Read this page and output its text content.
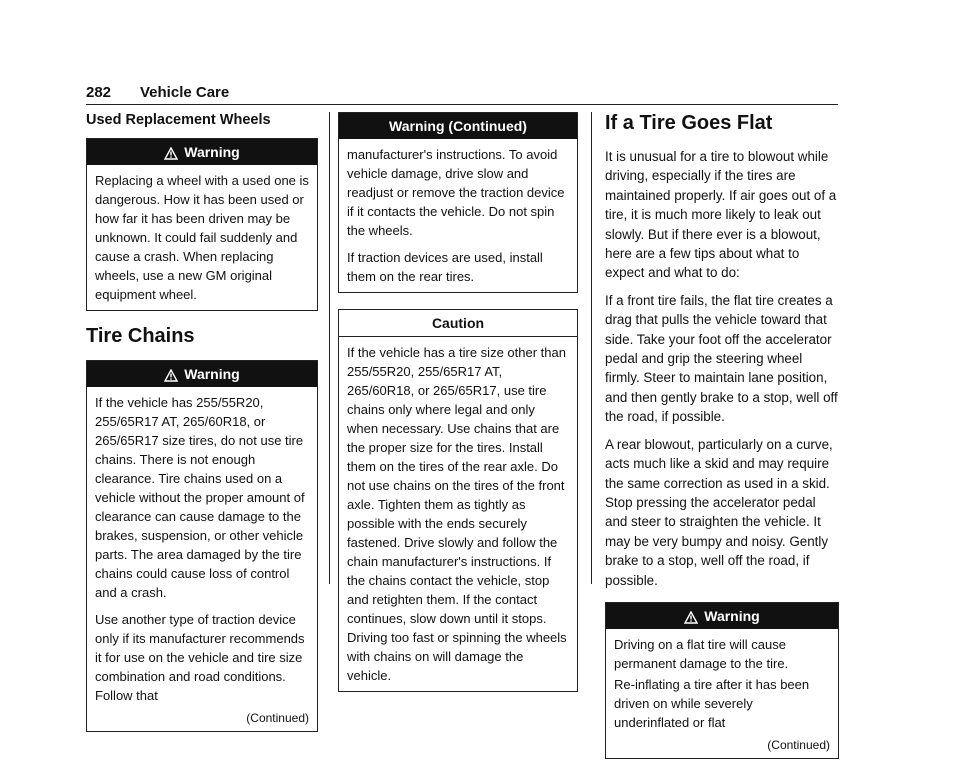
282 Vehicle Care
Used Replacement Wheels
Warning

Replacing a wheel with a used one is dangerous. How it has been used or how far it has been driven may be unknown. It could fail suddenly and cause a crash. When replacing wheels, use a new GM original equipment wheel.

Tire Chains
Warning

If the vehicle has 255/55R20, 255/65R17 AT, 265/60R18, or 265/65R17 size tires, do not use tire chains. There is not enough clearance. Tire chains used on a vehicle without the proper amount of clearance can cause damage to the brakes, suspension, or other vehicle parts. The area damaged by the tire chains could cause loss of control and a crash.

Use another type of traction device only if its manufacturer recommends it for use on the vehicle and tire size combination and road conditions. Follow that

(Continued)
Warning (Continued)

manufacturer's instructions. To avoid vehicle damage, drive slow and readjust or remove the traction device if it contacts the vehicle. Do not spin the wheels.

If traction devices are used, install them on the rear tires.

Caution

If the vehicle has a tire size other than 255/55R20, 255/65R17 AT, 265/60R18, or 265/65R17, use tire chains only where legal and only when necessary. Use chains that are the proper size for the tires. Install them on the tires of the rear axle. Do not use chains on the tires of the front axle. Tighten them as tightly as possible with the ends securely fastened. Drive slowly and follow the chain manufacturer's instructions. If the chains contact the vehicle, stop and retighten them. If the contact continues, slow down until it stops. Driving too fast or spinning the wheels with chains on will damage the vehicle.

If a Tire Goes Flat

It is unusual for a tire to blowout while driving, especially if the tires are maintained properly. If air goes out of a tire, it is much more likely to leak out slowly. But if there ever is a blowout, here are a few tips about what to expect and what to do:

If a front tire fails, the flat tire creates a drag that pulls the vehicle toward that side. Take your foot off the accelerator pedal and grip the steering wheel firmly. Steer to maintain lane position, and then gently brake to a stop, well off the road, if possible.

A rear blowout, particularly on a curve, acts much like a skid and may require the same correction as used in a skid. Stop pressing the accelerator pedal and steer to straighten the vehicle. It may be very bumpy and noisy. Gently brake to a stop, well off the road, if possible.

Warning

Driving on a flat tire will cause permanent damage to the tire.

Re-inflating a tire after it has been driven on while severely underinflated or flat

(Continued)
